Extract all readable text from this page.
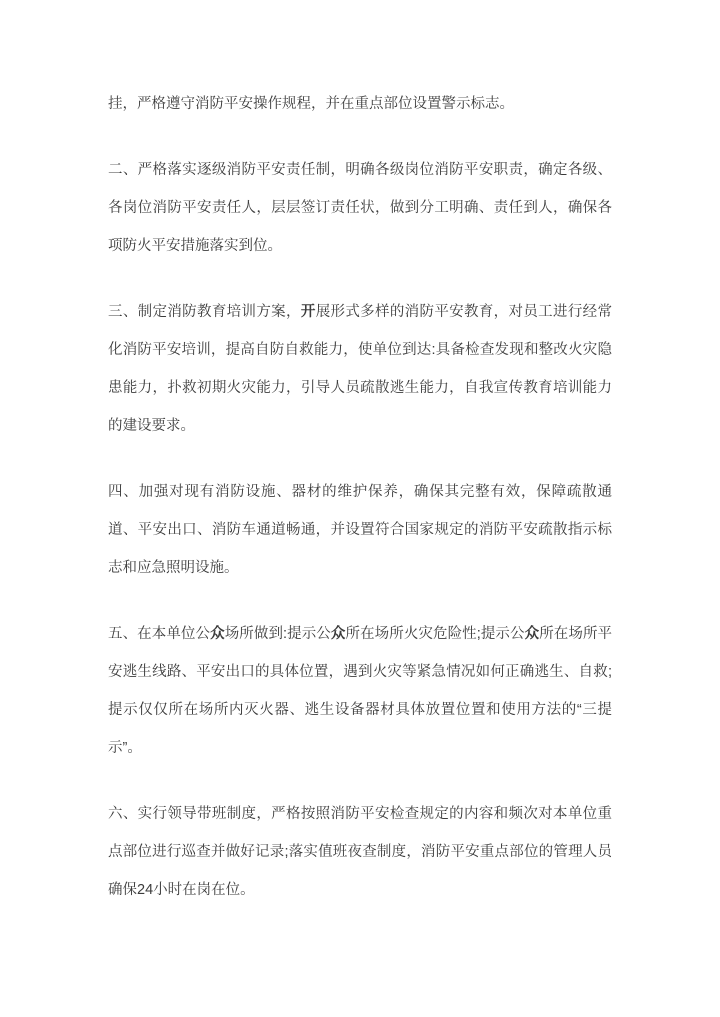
挂，严格遵守消防平安操作规程，并在重点部位设置警示标志。

二、严格落实逐级消防平安责任制，明确各级岗位消防平安职责，确定各级、各岗位消防平安责任人，层层签订责任状，做到分工明确、责任到人，确保各项防火平安措施落实到位。

三、制定消防教育培训方案，开展形式多样的消防平安教育，对员工进行经常化消防平安培训，提高自防自救能力，使单位到达:具备检查发现和整改火灾隐患能力，扑救初期火灾能力，引导人员疏散逃生能力，自我宣传教育培训能力的建设要求。

四、加强对现有消防设施、器材的维护保养，确保其完整有效，保障疏散通道、平安出口、消防车通道畅通，并设置符合国家规定的消防平安疏散指示标志和应急照明设施。

五、在本单位公众场所做到:提示公众所在场所火灾危险性;提示公众所在场所平安逃生线路、平安出口的具体位置，遇到火灾等紧急情况如何正确逃生、自救;提示仅仅所在场所内灭火器、逃生设备器材具体放置位置和使用方法的“三提示”。

六、实行领导带班制度，严格按照消防平安检查规定的内容和频次对本单位重点部位进行巡查并做好记录;落实值班夜查制度，消防平安重点部位的管理人员确保24小时在岗在位。
